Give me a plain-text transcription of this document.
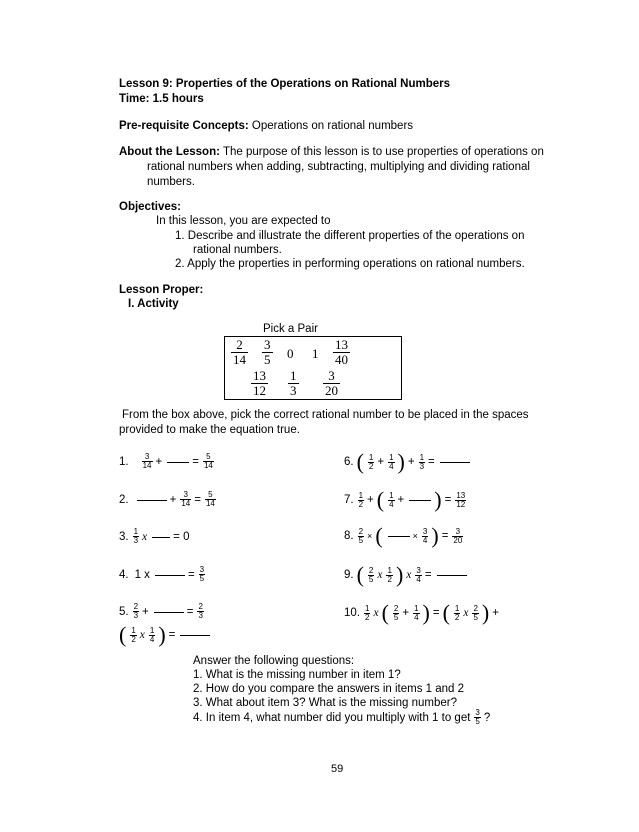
Lesson 9: Properties of the Operations on Rational Numbers
Time: 1.5 hours
Pre-requisite Concepts: Operations on rational numbers
About the Lesson: The purpose of this lesson is to use properties of operations on
rational numbers when adding, subtracting, multiplying and dividing rational
numbers.
Objectives:
In this lesson, you are expected to
1. Describe and illustrate the different properties of the operations on
rational numbers.
2. Apply the properties in performing operations on rational numbers.
Lesson Proper:
I. Activity
Pick a Pair
2
14
3
5 0 1
13
40
13
12
1
3
3
20
From the box above, pick the correct rational number to be placed in the spaces
provided to make the equation true.
1. $\frac{3}{14}$ +	= $\frac{5}{14}$
2.	+ $\frac{3}{14} = \frac{5}{14}$
3. $\frac{1}{3}$ x = 0
4. 1 x	= $\frac{3}{5}$
5. $\frac{2}{3}$ +	= $\frac{2}{3}$
( $\frac{1}{2}$ x $\frac{1}{4}$ ) =
6. ( $\frac{1}{2} + \frac{1}{4}$ ) + $\frac{1}{3}$ =
7. $\frac{1}{2}$ + ( $\frac{1}{4}$ + ) = $\frac{13}{12}$
8. $\frac{2}{5}$ × (	× $\frac{3}{4}$ ) = $\frac{3}{20}$
9. ( $\frac{2}{5}$ x $\frac{1}{2}$ ) x $\frac{3}{4}$ =
10. $\frac{1}{2}$ x ( $\frac{2}{5} + \frac{1}{4}$ ) = ( $\frac{1}{2}$ x $\frac{2}{5}$ ) +
Answer the following questions:
1. What is the missing number in item 1?
2. How do you compare the answers in items 1 and 2
3. What about item 3? What is the missing number?
4. In item 4, what number did you multiply with 1 to get $\frac{3}{5}$ ?
59
